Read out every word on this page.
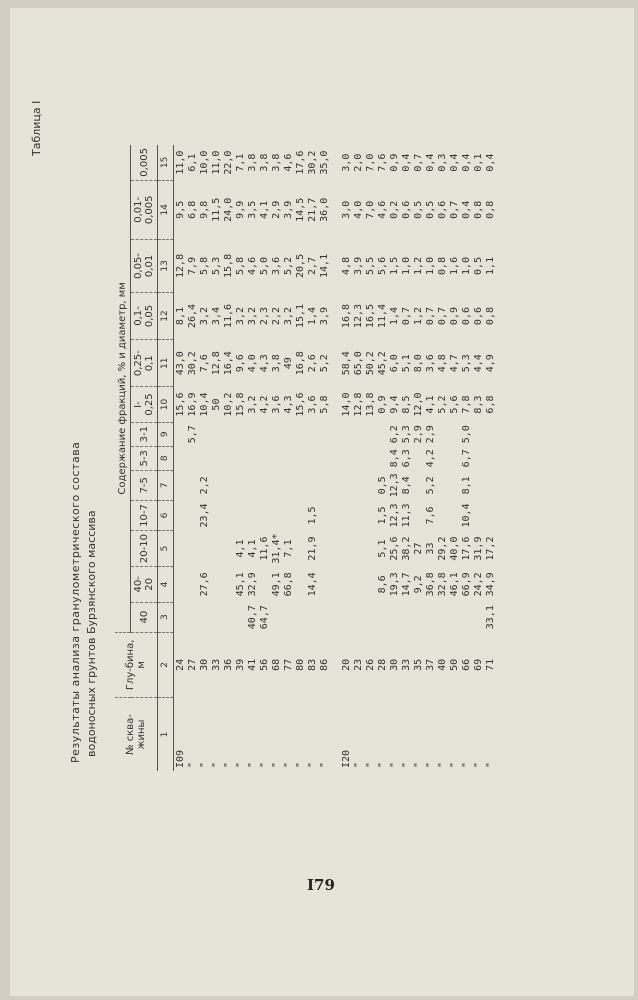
Таблица I
Результаты анализа гранулометрического состава водоносных грунтов Бурзянского массива	№ сква-жины	Глу-бина, м	Содержание фракций, % и диаметр, мм												
		40	40-20	20-10	10-7	7-5	5-3	3-1	I-0,25	0,25-0,1	0,1-0,05	0,05-0,01	0,01-0,005	0,005
1	2	3	4	5	6	7	8	9	10	11	12	13	14	15
I09	24								15,6	43,0	8,1	12,8	9,5	11,0
"	27							5,7	16,9	30,2	26,4	7,9	6,8	6,1
"	30		27,6		23,4	2,2			10,4	7,6	3,2	5,8	9,8	10,0
"	33								50	12,8	3,4	5,3	11,5	11,0
"	36								10,2	16,4	11,6	15,8	24,0	22,0
"	39		45,1	4,1					15,8	9,6	3,2	5,8	9,9	7,1
"	41	40,7	32,9	4,1					3,2	4,0	3,2	4,6	3,5	3,8
"	56	64,7		11,6					4,2	4,3	2,3	5,0	4,1	3,8
"	68		49,1	31,4*					3,6	3,8	2,2	3,6	2,9	3,8
"	77		66,8	7,1					4,3	49	3,2	5,2	3,9	4,6
"	80								15,6	16,8	15,1	20,5	14,5	17,6
"	83		14,4	21,9	1,5				3,6	2,6	1,4	2,7	21,7	30,2
"	86								5,8	5,2	3,9	14,1	36,0	35,0

I20	20								14,0	58,4	16,8	4,8	3,0	3,0
"	23								12,8	65,0	12,3	3,9	4,0	2,0
"	26								13,8	50,2	16,5	5,5	7,0	7,0
"	28		8,6	5,1	1,5	0,5			0,9	45,2	11,4	5,6	4,6	7,6
"	30		19,3	25,6	12,3	12,3	8,4	6,2	9,4	6,0	1,4	1,5	0,2	0,9
"	33		14,7	38,2	11,3	8,4	6,3	5,3	8,5	5,1	0,7	1,0	0,6	0,4
"	35		9,2	27				2,9	12,0	8,0	1,2	1,2	0,5	0,7
"	37		36,8	33	7,6	5,2	4,2	2,9	4,1	3,6	0,7	1,0	0,5	0,4
"	40		32,8	29,2					5,2	4,8	0,7	0,8	0,6	0,3
"	50		46,1	40,0					5,6	4,7	0,9	1,6	0,7	0,4
"	66		66,9	17,6	10,4	8,1	6,7	5,0	7,8	5,3	0,6	1,0	0,4	0,4
"	69		24,2	31,9					8,3	4,4	0,6	0,5	0,8	0,1
"	71	33,1	34,9	17,2					6,8	4,9	0,8	1,1	0,8	0,4
I79
